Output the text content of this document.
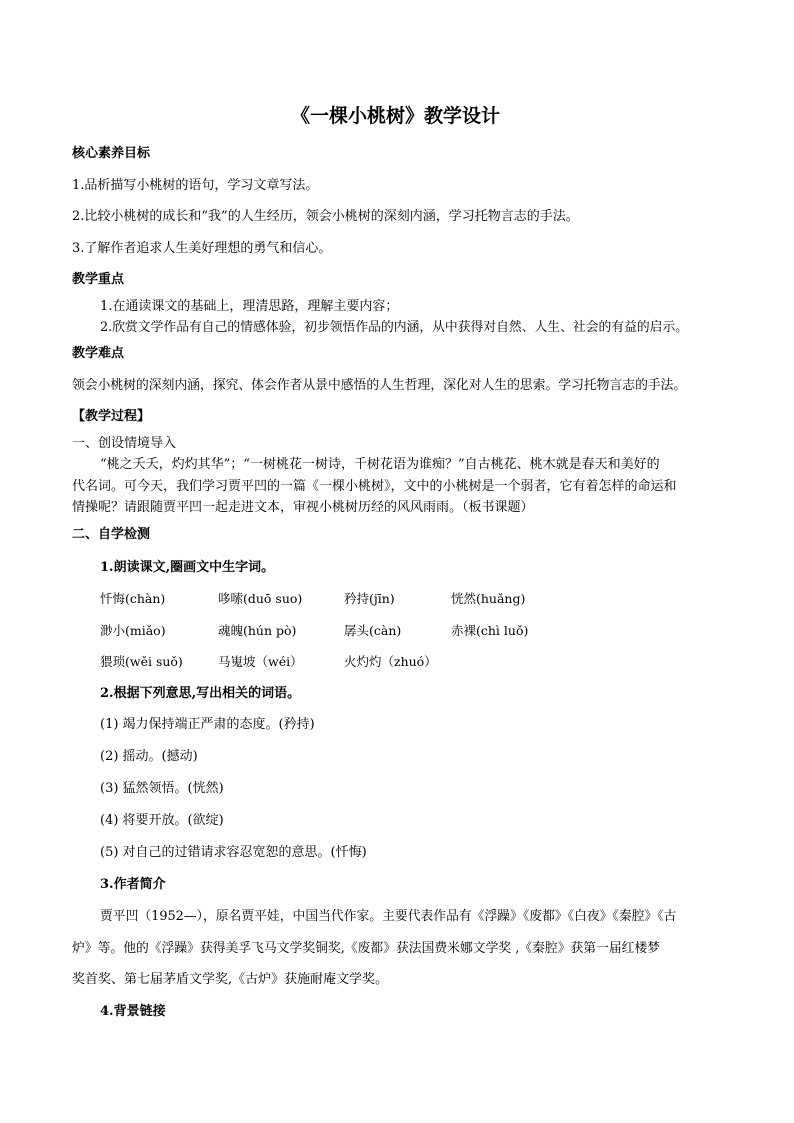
《一棵小桃树》教学设计
核心素养目标
1.品析描写小桃树的语句，学习文章写法。
2.比较小桃树的成长和“我”的人生经历，领会小桃树的深刻内涵，学习托物言志的手法。
3.了解作者追求人生美好理想的勇气和信心。
教学重点
1.在通读课文的基础上，理清思路，理解主要内容；
2.欣赏文学作品有自己的情感体验，初步领悟作品的内涵，从中获得对自然、人生、社会的有益的启示。
教学难点
领会小桃树的深刻内涵，探究、体会作者从景中感悟的人生哲理，深化对人生的思索。学习托物言志的手法。
【教学过程】
一、创设情境导入
“桃之夭夭，灼灼其华”；“一树桃花一树诗，千树花语为谁痴？”自古桃花、桃木就是春天和美好的
代名词。可今天，我们学习贾平凹的一篇《一棵小桃树》，文中的小桃树是一个弱者，它有着怎样的命运和
情操呢？请跟随贾平凹一起走进文本，审视小桃树历经的风风雨雨。（板书课题）
二、自学检测
1.朗读课文,圈画文中生字词。
忏悔(chàn)	哆嗦(duō suo)	矜持(jīn)	恍然(huǎng)
渺小(miǎo)	魂魄(hún pò)	孱头(càn)	赤裸(chì luǒ)
猥琐(wěi suǒ)	马嵬坡（wéi）	火灼灼（zhuó）
2.根据下列意思,写出相关的词语。
(1) 竭力保持端正严肃的态度。(矜持)
(2) 摇动。(撼动)
(3) 猛然领悟。(恍然)
(4) 将要开放。(欲绽)
(5) 对自己的过错请求容忍宽恕的意思。(忏悔)
3.作者简介
贾平凹（1952—），原名贾平娃，中国当代作家。主要代表作品有《浮躁》《废都》《白夜》《秦腔》《古
炉》等。他的《浮躁》获得美孚飞马文学奖铜奖,《废都》获法国费米娜文学奖 ,《秦腔》获第一届红楼梦
奖首奖、第七届茅盾文学奖,《古炉》获施耐庵文学奖。
4.背景链接
